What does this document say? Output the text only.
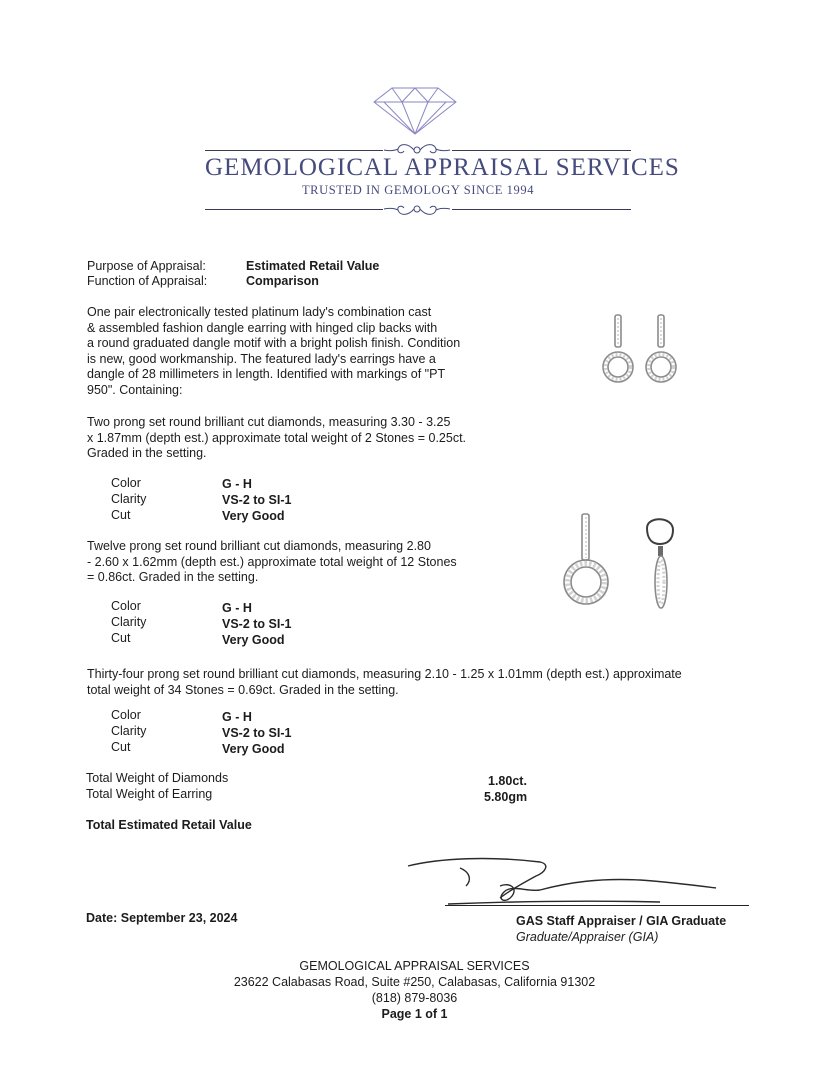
GEMOLOGICAL APPRAISAL SERVICES
TRUSTED IN GEMOLOGY SINCE 1994
Purpose of Appraisal:	Estimated Retail Value
Function of Appraisal:	Comparison
One pair electronically tested platinum lady's combination cast
& assembled fashion dangle earring with hinged clip backs with
a round graduated dangle motif with a bright polish finish. Condition
is new, good workmanship. The featured lady's earrings have a
dangle of 28 millimeters in length. Identified with markings of "PT
950". Containing:
Two prong set round brilliant cut diamonds, measuring 3.30 - 3.25
x 1.87mm (depth est.) approximate total weight of 2 Stones = 0.25ct.
Graded in the setting.
Color	G - H
Clarity	VS-2 to SI-1
Cut	Very Good
Twelve prong set round brilliant cut diamonds, measuring 2.80
- 2.60 x 1.62mm (depth est.) approximate total weight of 12 Stones
= 0.86ct. Graded in the setting.
Color	G - H
Clarity	VS-2 to SI-1
Cut	Very Good
Thirty-four prong set round brilliant cut diamonds, measuring 2.10 - 1.25 x 1.01mm (depth est.) approximate
total weight of 34 Stones = 0.69ct. Graded in the setting.
Color	G - H
Clarity	VS-2 to SI-1
Cut	Very Good
Total Weight of Diamonds	1.80ct.
Total Weight of Earring	5.80gm
Total Estimated Retail Value
Date: September 23, 2024	GAS Staff Appraiser / GIA Graduate
Graduate/Appraiser (GIA)
GEMOLOGICAL APPRAISAL SERVICES
23622 Calabasas Road, Suite #250, Calabasas, California 91302
(818) 879-8036
Page 1 of 1
